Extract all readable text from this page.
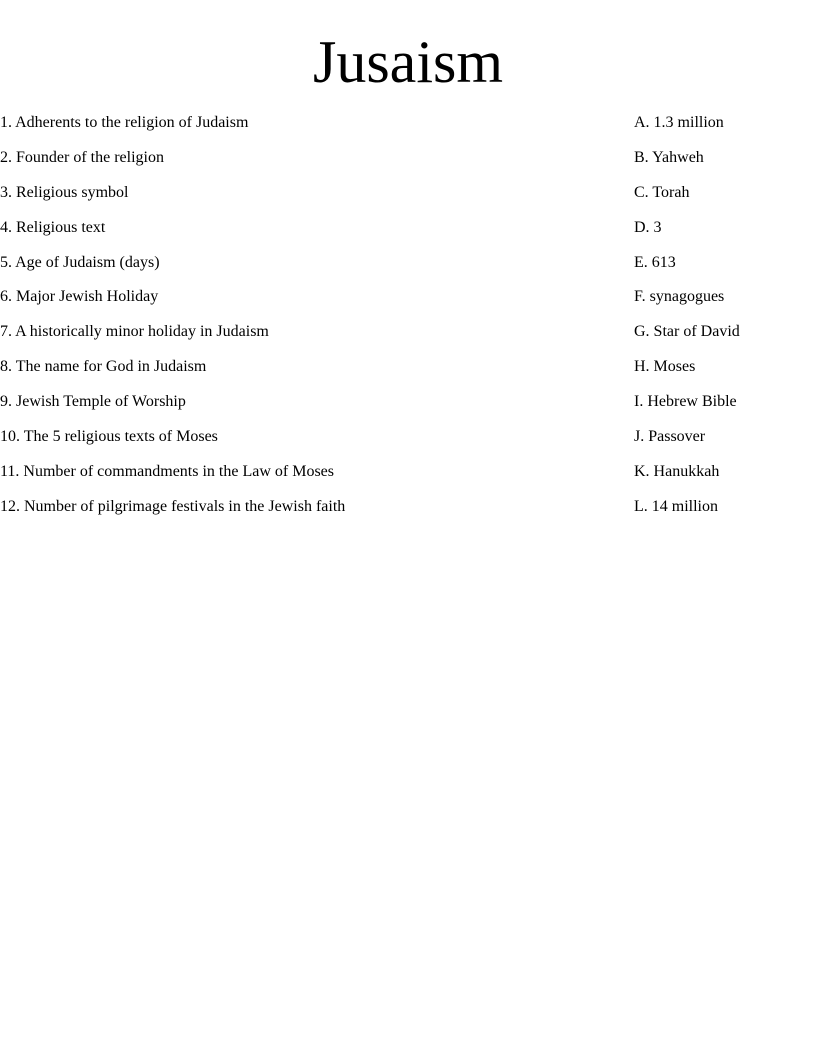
Jusaism
1. Adherents to the religion of Judaism	A. 1.3 million
2. Founder of the religion	B. Yahweh
3. Religious symbol	C. Torah
4. Religious text	D. 3
5. Age of Judaism (days)	E. 613
6. Major Jewish Holiday	F. synagogues
7. A historically minor holiday in Judaism	G. Star of David
8. The name for God in Judaism	H. Moses
9. Jewish Temple of Worship	I. Hebrew Bible
10. The 5 religious texts of Moses	J. Passover
11. Number of commandments in the Law of Moses	K. Hanukkah
12. Number of pilgrimage festivals in the Jewish faith	L. 14 million
